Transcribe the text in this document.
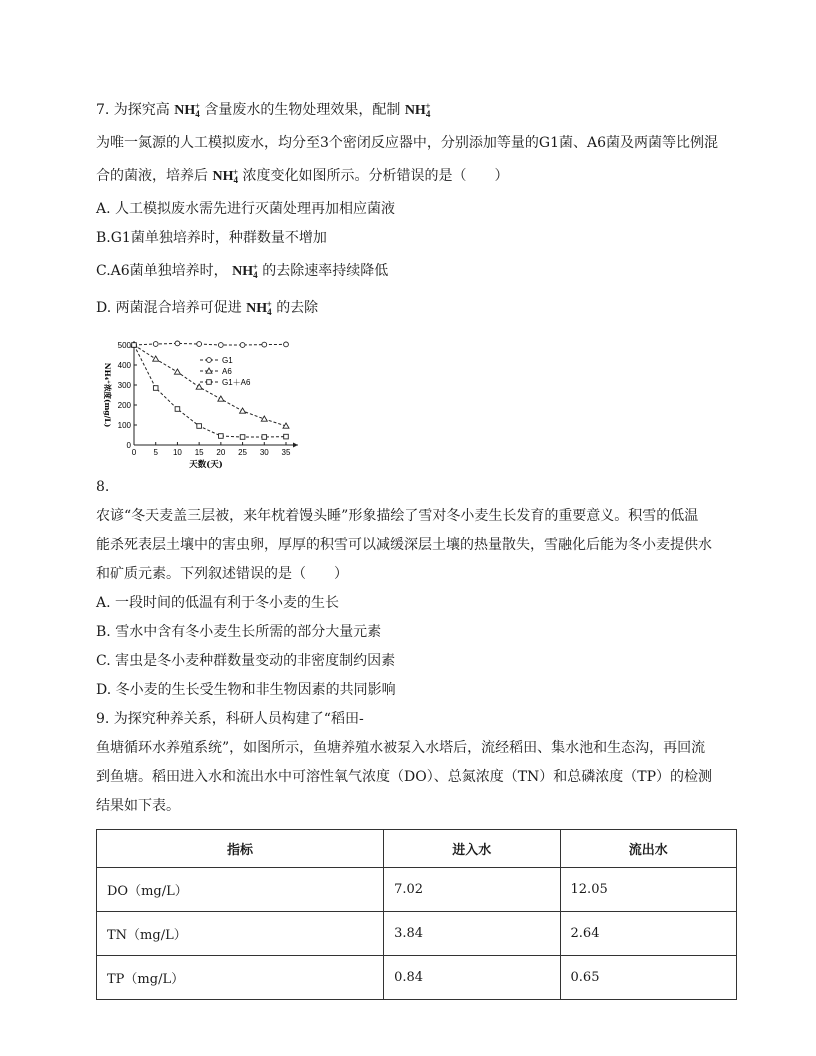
7. 为探究高 $NH_4^+$ 含量废水的生物处理效果，配制 $NH_4^+$
为唯一氮源的人工模拟废水，均分至3个密闭反应器中，分别添加等量的G1菌、A6菌及两菌等比例混
合的菌液，培养后 $NH_4^+$ 浓度变化如图所示。分析错误的是（　　）
A. 人工模拟废水需先进行灭菌处理再加相应菌液
B.G1菌单独培养时，种群数量不增加
C.A6菌单独培养时， $NH_4^+$ 的去除速率持续降低
D. 两菌混合培养可促进 $NH_4^+$ 的去除
0 5 10 15 20 25 30 35
0
100
200
300
400
500
天数(天)
NH₄⁺浓度(mg/L)
G1
A6
G1＋A6
8.
农谚“冬天麦盖三层被，来年枕着馒头睡”形象描绘了雪对冬小麦生长发育的重要意义。积雪的低温
能杀死表层土壤中的害虫卵，厚厚的积雪可以减缓深层土壤的热量散失，雪融化后能为冬小麦提供水
和矿质元素。下列叙述错误的是（　　）
A. 一段时间的低温有利于冬小麦的生长
B. 雪水中含有冬小麦生长所需的部分大量元素
C. 害虫是冬小麦种群数量变动的非密度制约因素
D. 冬小麦的生长受生物和非生物因素的共同影响
9. 为探究种养关系，科研人员构建了“稻田-
鱼塘循环水养殖系统”，如图所示，鱼塘养殖水被泵入水塔后，流经稻田、集水池和生态沟，再回流
到鱼塘。稻田进入水和流出水中可溶性氧气浓度（DO）、总氮浓度（TN）和总磷浓度（TP）的检测
结果如下表。
指标	进入水	流出水
DO（mg/L）	7.02	12.05
TN（mg/L）	3.84	2.64
TP（mg/L）	0.84	0.65
